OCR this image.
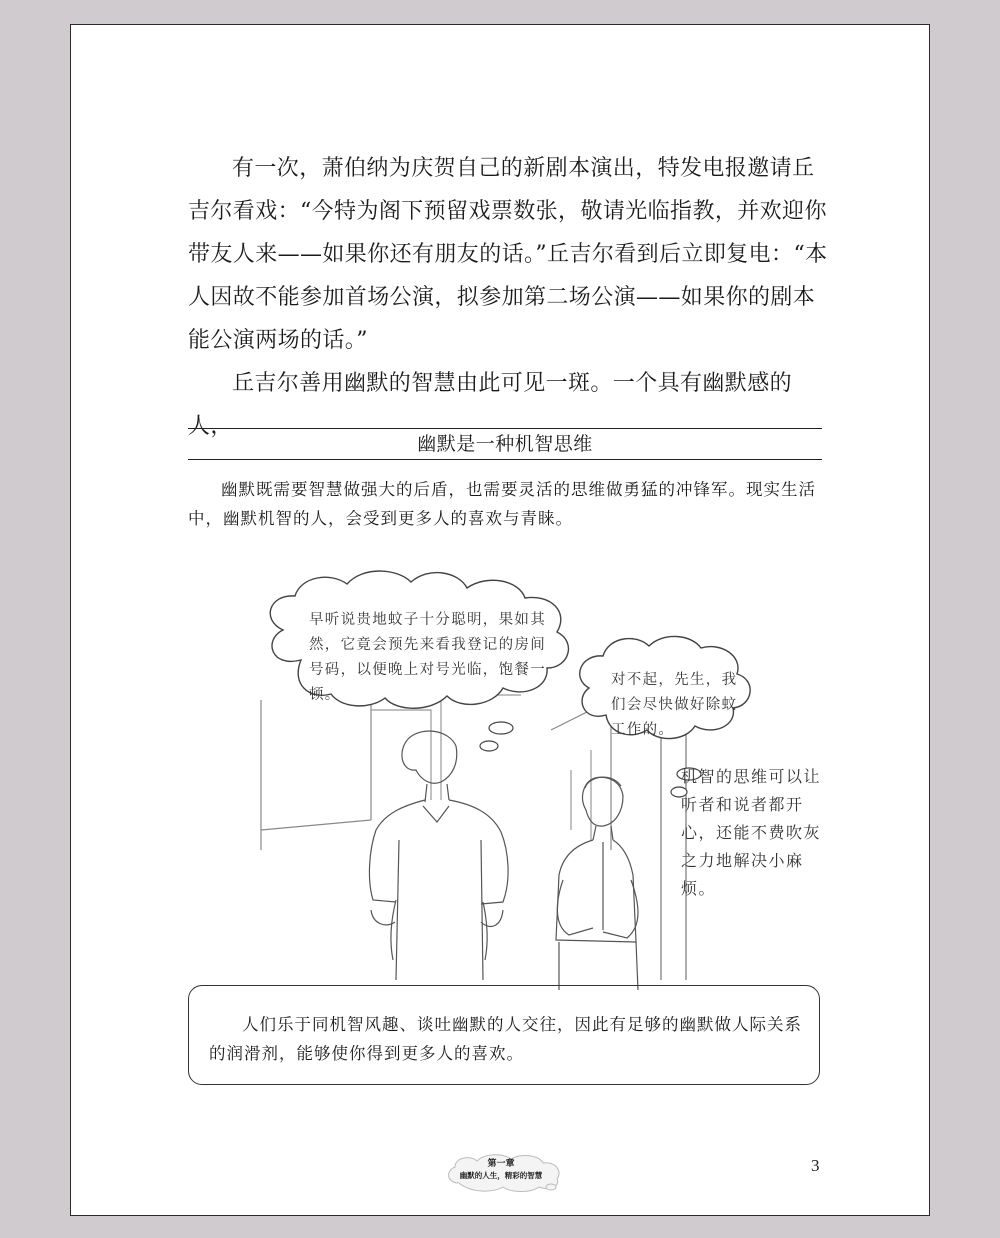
有一次，萧伯纳为庆贺自己的新剧本演出，特发电报邀请丘吉尔看戏：“今特为阁下预留戏票数张，敬请光临指教，并欢迎你带友人来——如果你还有朋友的话。”丘吉尔看到后立即复电：“本人因故不能参加首场公演，拟参加第二场公演——如果你的剧本能公演两场的话。”

丘吉尔善用幽默的智慧由此可见一斑。一个具有幽默感的人，

幽默是一种机智思维

幽默既需要智慧做强大的后盾，也需要灵活的思维做勇猛的冲锋军。现实生活中，幽默机智的人，会受到更多人的喜欢与青睐。

早听说贵地蚊子十分聪明，果如其然，它竟会预先来看我登记的房间号码，以便晚上对号光临，饱餐一顿。
对不起，先生，我们会尽快做好除蚊工作的。

机智的思维可以让听者和说者都开心，还能不费吹灰之力地解决小麻烦。

人们乐于同机智风趣、谈吐幽默的人交往，因此有足够的幽默做人际关系的润滑剂，能够使你得到更多人的喜欢。

第一章
幽默的人生，精彩的智慧
3
